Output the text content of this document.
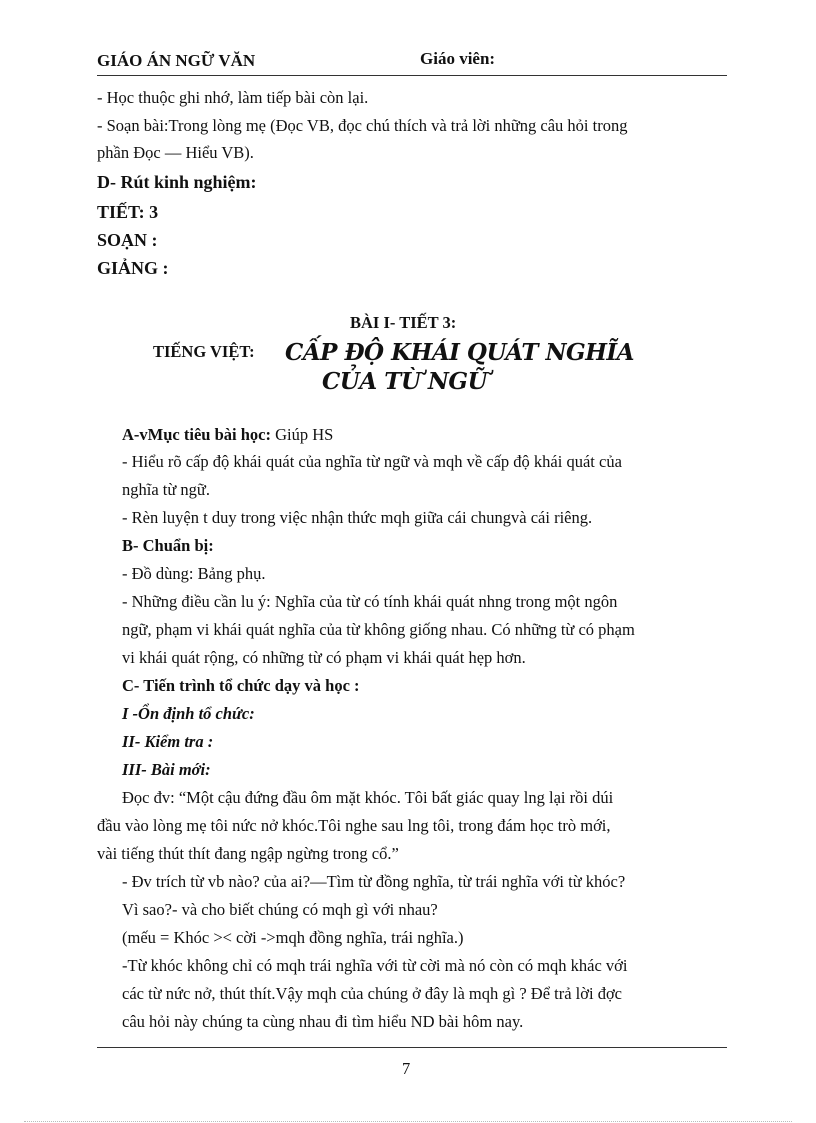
GIÁO ÁN NGỮ VĂN	Giáo viên:
- Học thuộc ghi nhớ, làm tiếp bài còn lại.
- Soạn bài:Trong lòng mẹ (Đọc VB, đọc chú thích và trả lời những câu hỏi trong
phần Đọc — Hiểu VB).
D- Rút kinh nghiệm:
TIẾT: 3
SOẠN :
GIẢNG :
BÀI I- TIẾT 3:
TIẾNG VIỆT: CẤP ĐỘ KHÁI QUÁT NGHĨA
CỦA TỪ NGỮ
A-vMục tiêu bài học: Giúp HS
- Hiểu rõ cấp độ khái quát của nghĩa từ ngữ và mqh về cấp độ khái quát của
nghĩa từ ngữ.
- Rèn luyện t duy trong việc nhận thức mqh giữa cái chungvà cái riêng.
B- Chuẩn bị:
- Đồ dùng: Bảng phụ.
- Những điều cần lu ý: Nghĩa của từ có tính khái quát nhng trong một ngôn
ngữ, phạm vi khái quát nghĩa của từ không giống nhau. Có những từ có phạm
vi khái quát rộng, có những từ có phạm vi khái quát hẹp hơn.
C- Tiến trình tổ chức dạy và học :
I -Ổn định tổ chức:
II- Kiểm tra :
III- Bài mới:
Đọc đv: “Một cậu đứng đầu ôm mặt khóc. Tôi bất giác quay lng lại rồi dúi
đầu vào lòng mẹ tôi nức nở khóc.Tôi nghe sau lng tôi, trong đám học trò mới,
vài tiếng thút thít đang ngập ngừng trong cổ.”
- Đv trích từ vb nào? của ai?—Tìm từ đồng nghĩa, từ trái nghĩa với từ khóc?
Vì sao?- và cho biết chúng có mqh gì với nhau?
(mếu = Khóc >< cời ->mqh đồng nghĩa, trái nghĩa.)
-Từ khóc không chỉ có mqh trái nghĩa với từ cời mà nó còn có mqh khác với
các từ nức nở, thút thít.Vậy mqh của chúng ở đây là mqh gì ? Để trả lời đợc
câu hỏi này chúng ta cùng nhau đi tìm hiểu ND bài hôm nay.
7
